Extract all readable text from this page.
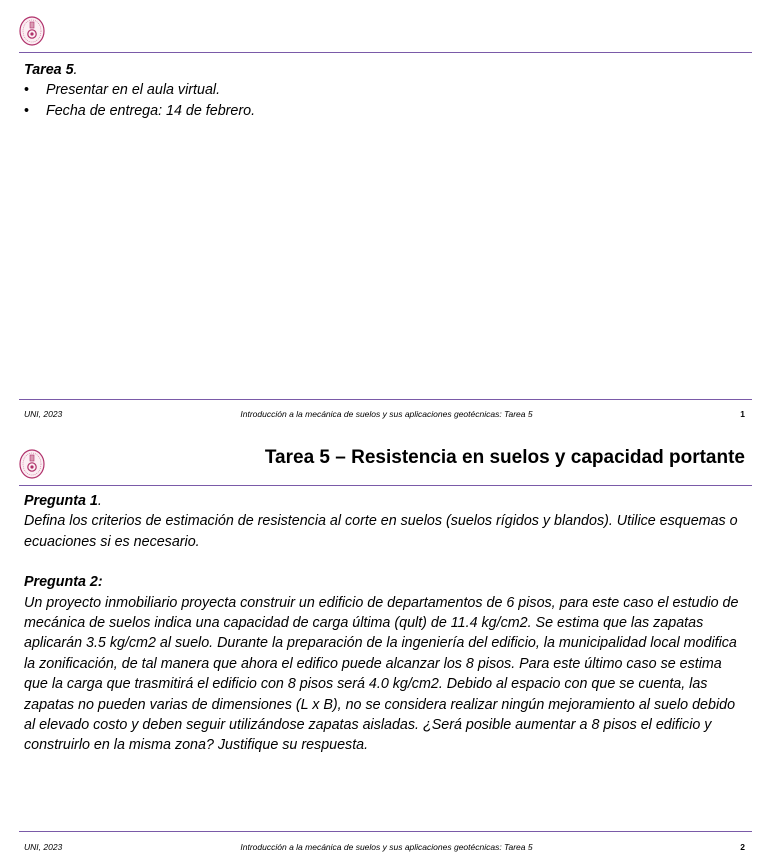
Tarea 5.
• Presentar en el aula virtual.
• Fecha de entrega: 14 de febrero.
UNI, 2023	Introducción a la mecánica de suelos y sus aplicaciones geotécnicas: Tarea 5	1
Tarea 5 – Resistencia en suelos y capacidad portante
Pregunta 1.
Defina los criterios de estimación de resistencia al corte en suelos (suelos rígidos y blandos). Utilice esquemas o ecuaciones si es necesario.
Pregunta 2:
Un proyecto inmobiliario proyecta construir un edificio de departamentos de 6 pisos, para este caso el estudio de mecánica de suelos indica una capacidad de carga última (qult) de 11.4 kg/cm2. Se estima que las zapatas aplicarán 3.5 kg/cm2 al suelo. Durante la preparación de la ingeniería del edificio, la municipalidad local modifica la zonificación, de tal manera que ahora el edifico puede alcanzar los 8 pisos. Para este último caso se estima que la carga que trasmitirá el edificio con 8 pisos será 4.0 kg/cm2. Debido al espacio con que se cuenta, las zapatas no pueden varias de dimensiones (L x B), no se considera realizar ningún mejoramiento al suelo debido al elevado costo y deben seguir utilizándose zapatas aisladas. ¿Será posible aumentar a 8 pisos el edificio y construirlo en la misma zona? Justifique su respuesta.
UNI, 2023	Introducción a la mecánica de suelos y sus aplicaciones geotécnicas: Tarea 5	2
